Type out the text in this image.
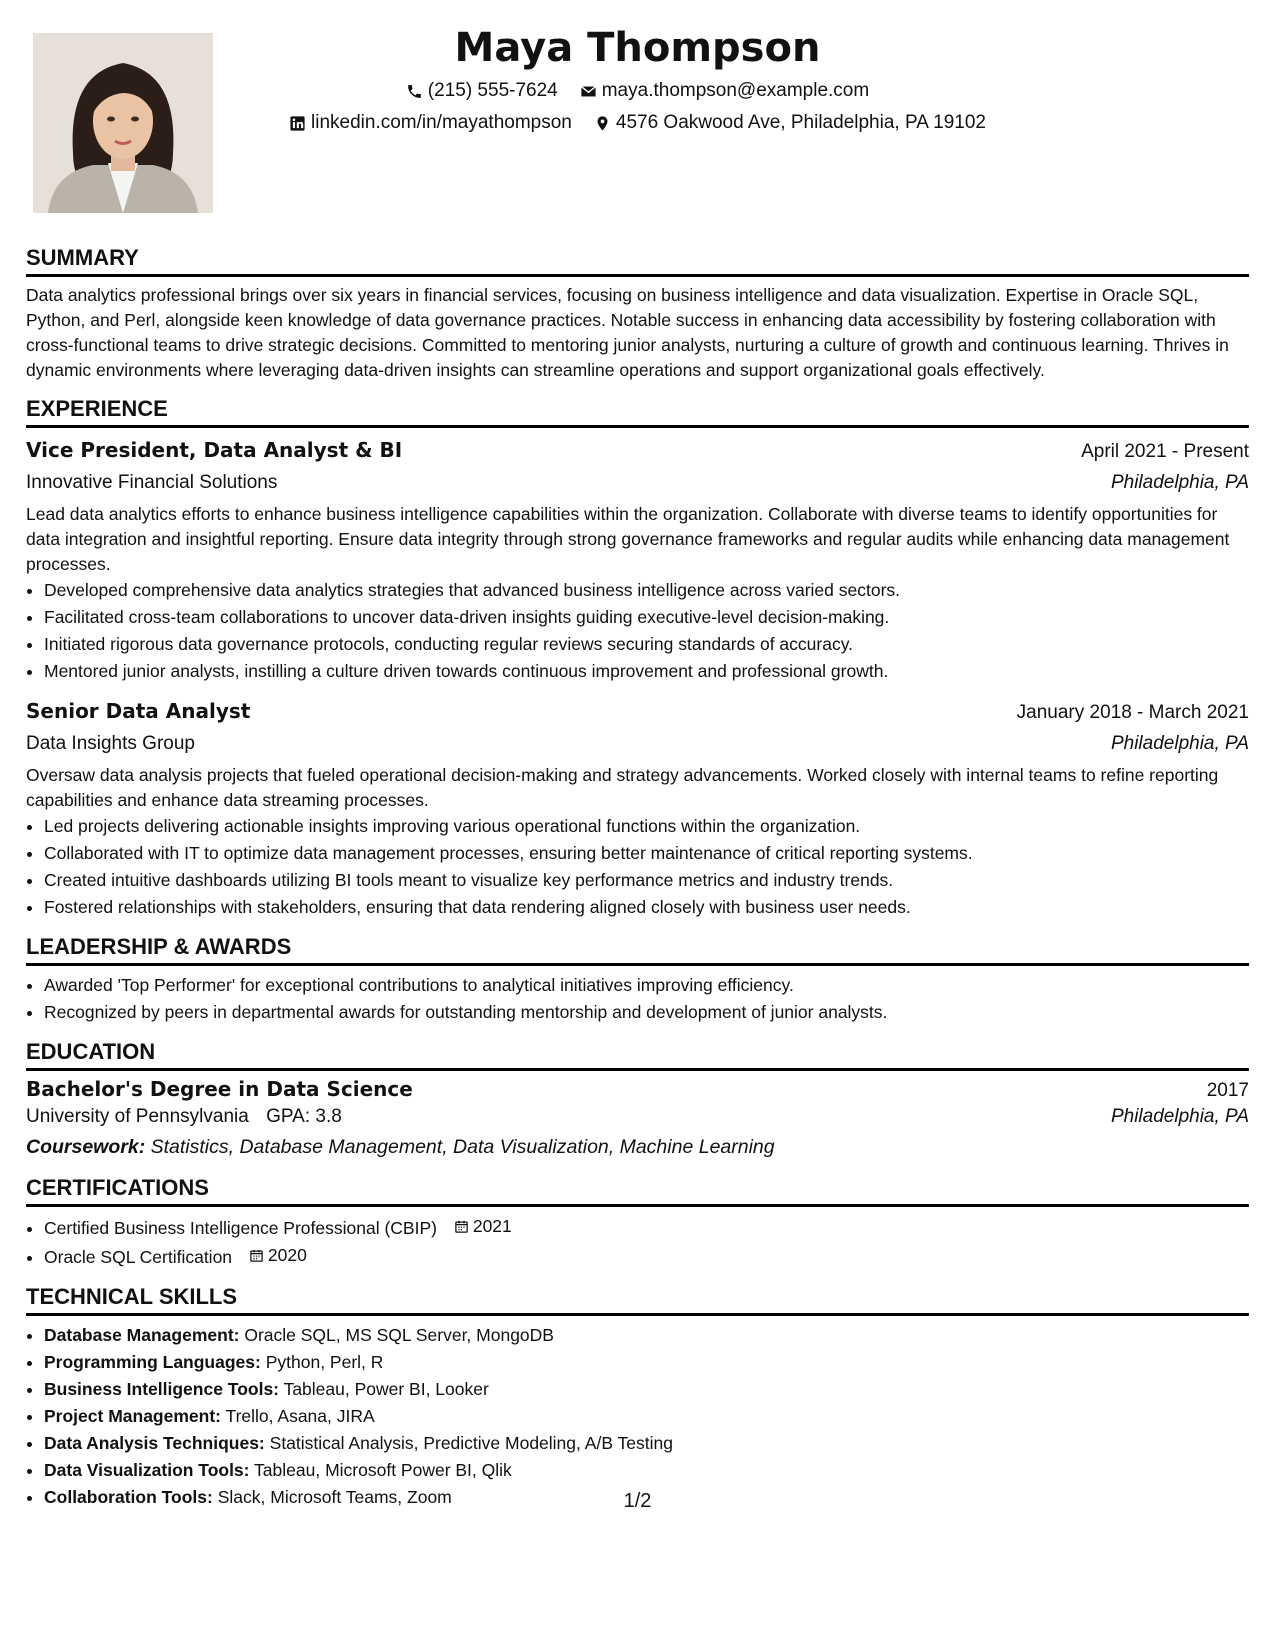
Maya Thompson
(215) 555-7624 maya.thompson@example.com
linkedin.com/in/mayathompson 4576 Oakwood Ave, Philadelphia, PA 19102
SUMMARY

Data analytics professional brings over six years in financial services, focusing on business intelligence and data visualization. Expertise in Oracle SQL, Python, and Perl, alongside keen knowledge of data governance practices. Notable success in enhancing data accessibility by fostering collaboration with cross-functional teams to drive strategic decisions. Committed to mentoring junior analysts, nurturing a culture of growth and continuous learning. Thrives in dynamic environments where leveraging data-driven insights can streamline operations and support organizational goals effectively.

EXPERIENCE
Vice President, Data Analyst & BI	April 2021 - Present
Innovative Financial Solutions	Philadelphia, PA

Lead data analytics efforts to enhance business intelligence capabilities within the organization. Collaborate with diverse teams to identify opportunities for data integration and insightful reporting. Ensure data integrity through strong governance frameworks and regular audits while enhancing data management processes.

• Developed comprehensive data analytics strategies that advanced business intelligence across varied sectors.
• Facilitated cross-team collaborations to uncover data-driven insights guiding executive-level decision-making.
• Initiated rigorous data governance protocols, conducting regular reviews securing standards of accuracy.
• Mentored junior analysts, instilling a culture driven towards continuous improvement and professional growth.
Senior Data Analyst	January 2018 - March 2021
Data Insights Group	Philadelphia, PA

Oversaw data analysis projects that fueled operational decision-making and strategy advancements. Worked closely with internal teams to refine reporting capabilities and enhance data streaming processes.

• Led projects delivering actionable insights improving various operational functions within the organization.
• Collaborated with IT to optimize data management processes, ensuring better maintenance of critical reporting systems.
• Created intuitive dashboards utilizing BI tools meant to visualize key performance metrics and industry trends.
• Fostered relationships with stakeholders, ensuring that data rendering aligned closely with business user needs.
LEADERSHIP & AWARDS
• Awarded 'Top Performer' for exceptional contributions to analytical initiatives improving efficiency.
• Recognized by peers in departmental awards for outstanding mentorship and development of junior analysts.
EDUCATION
Bachelor's Degree in Data Science	2017
University of Pennsylvania GPA: 3.8	Philadelphia, PA
Coursework: Statistics, Database Management, Data Visualization, Machine Learning
CERTIFICATIONS
• Certified Business Intelligence Professional (CBIP) 2021
• Oracle SQL Certification 2020
TECHNICAL SKILLS
• Database Management: Oracle SQL, MS SQL Server, MongoDB
• Programming Languages: Python, Perl, R
• Business Intelligence Tools: Tableau, Power BI, Looker
• Project Management: Trello, Asana, JIRA
• Data Analysis Techniques: Statistical Analysis, Predictive Modeling, A/B Testing
• Data Visualization Tools: Tableau, Microsoft Power BI, Qlik
• Collaboration Tools: Slack, Microsoft Teams, Zoom	1/2
